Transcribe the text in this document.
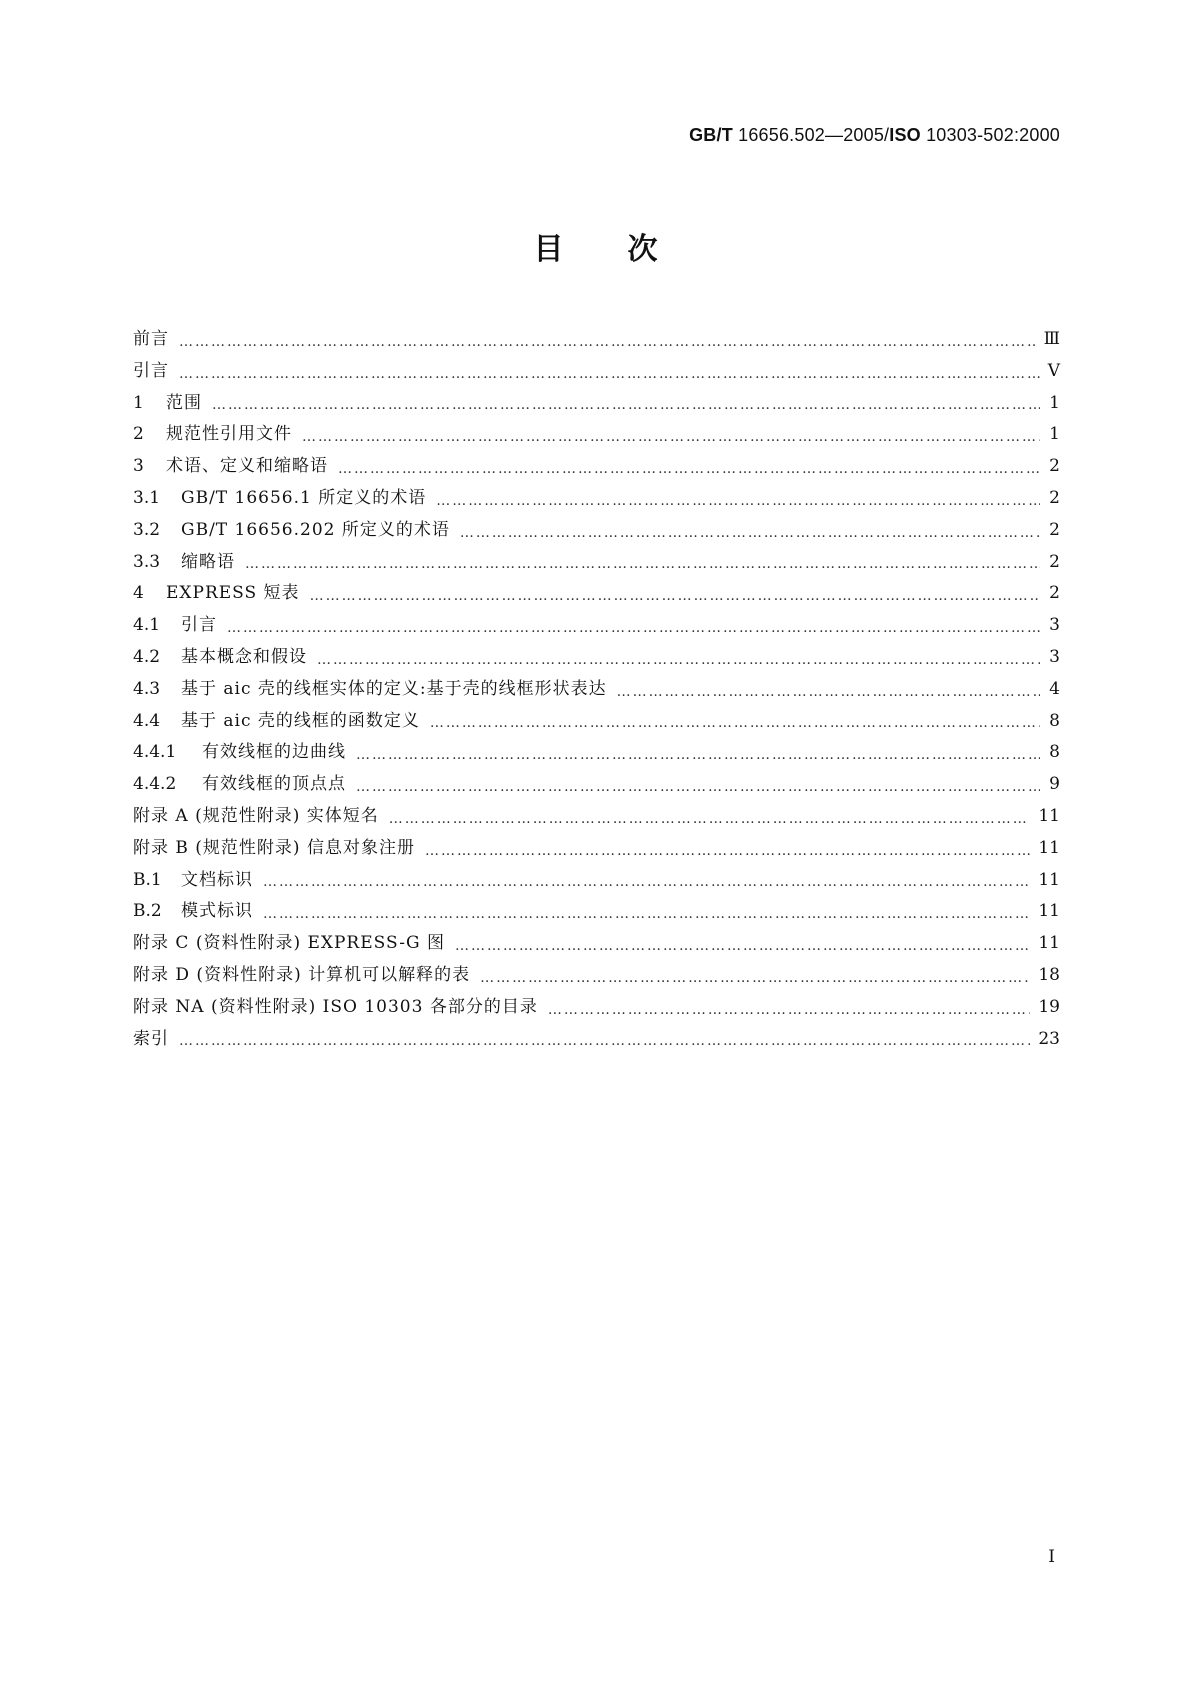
GB/T 16656.502—2005/ISO 10303-502:2000
目次
前言 ………………………………………………………………………………………………………………………………………………………………………………………………	Ⅲ
引言 ………………………………………………………………………………………………………………………………………………………………………………………………	Ⅴ
1	范围 ………………………………………………………………………………………………………………………………………………………………………………………………	1
2	规范性引用文件 ………………………………………………………………………………………………………………………………………………………………………………………………	1
3	术语、定义和缩略语 ………………………………………………………………………………………………………………………………………………………………………………………………	2
3.1	GB/T 16656.1 所定义的术语 ………………………………………………………………………………………………………………………………………………………………………………………………	2
3.2	GB/T 16656.202 所定义的术语 ………………………………………………………………………………………………………………………………………………………………………………………………	2
3.3	缩略语 ………………………………………………………………………………………………………………………………………………………………………………………………	2
4	EXPRESS 短表 ………………………………………………………………………………………………………………………………………………………………………………………………	2
4.1	引言 ………………………………………………………………………………………………………………………………………………………………………………………………	3
4.2	基本概念和假设 ………………………………………………………………………………………………………………………………………………………………………………………………	3
4.3	基于 aic 壳的线框实体的定义:基于壳的线框形状表达 ………………………………………………………………………………………………………………………………………………………………………………………………	4
4.4	基于 aic 壳的线框的函数定义 ………………………………………………………………………………………………………………………………………………………………………………………………	8
4.4.1	有效线框的边曲线 ………………………………………………………………………………………………………………………………………………………………………………………………	8
4.4.2	有效线框的顶点点 ………………………………………………………………………………………………………………………………………………………………………………………………	9
附录 A (规范性附录) 实体短名 ………………………………………………………………………………………………………………………………………………………………………………………………	11
附录 B (规范性附录) 信息对象注册 ………………………………………………………………………………………………………………………………………………………………………………………………	11
B.1	文档标识 ………………………………………………………………………………………………………………………………………………………………………………………………	11
B.2	模式标识 ………………………………………………………………………………………………………………………………………………………………………………………………	11
附录 C (资料性附录) EXPRESS-G 图 ………………………………………………………………………………………………………………………………………………………………………………………………	11
附录 D (资料性附录) 计算机可以解释的表 ………………………………………………………………………………………………………………………………………………………………………………………………	18
附录 NA (资料性附录) ISO 10303 各部分的目录 ………………………………………………………………………………………………………………………………………………………………………………………………	19
索引 ………………………………………………………………………………………………………………………………………………………………………………………………	23
I
